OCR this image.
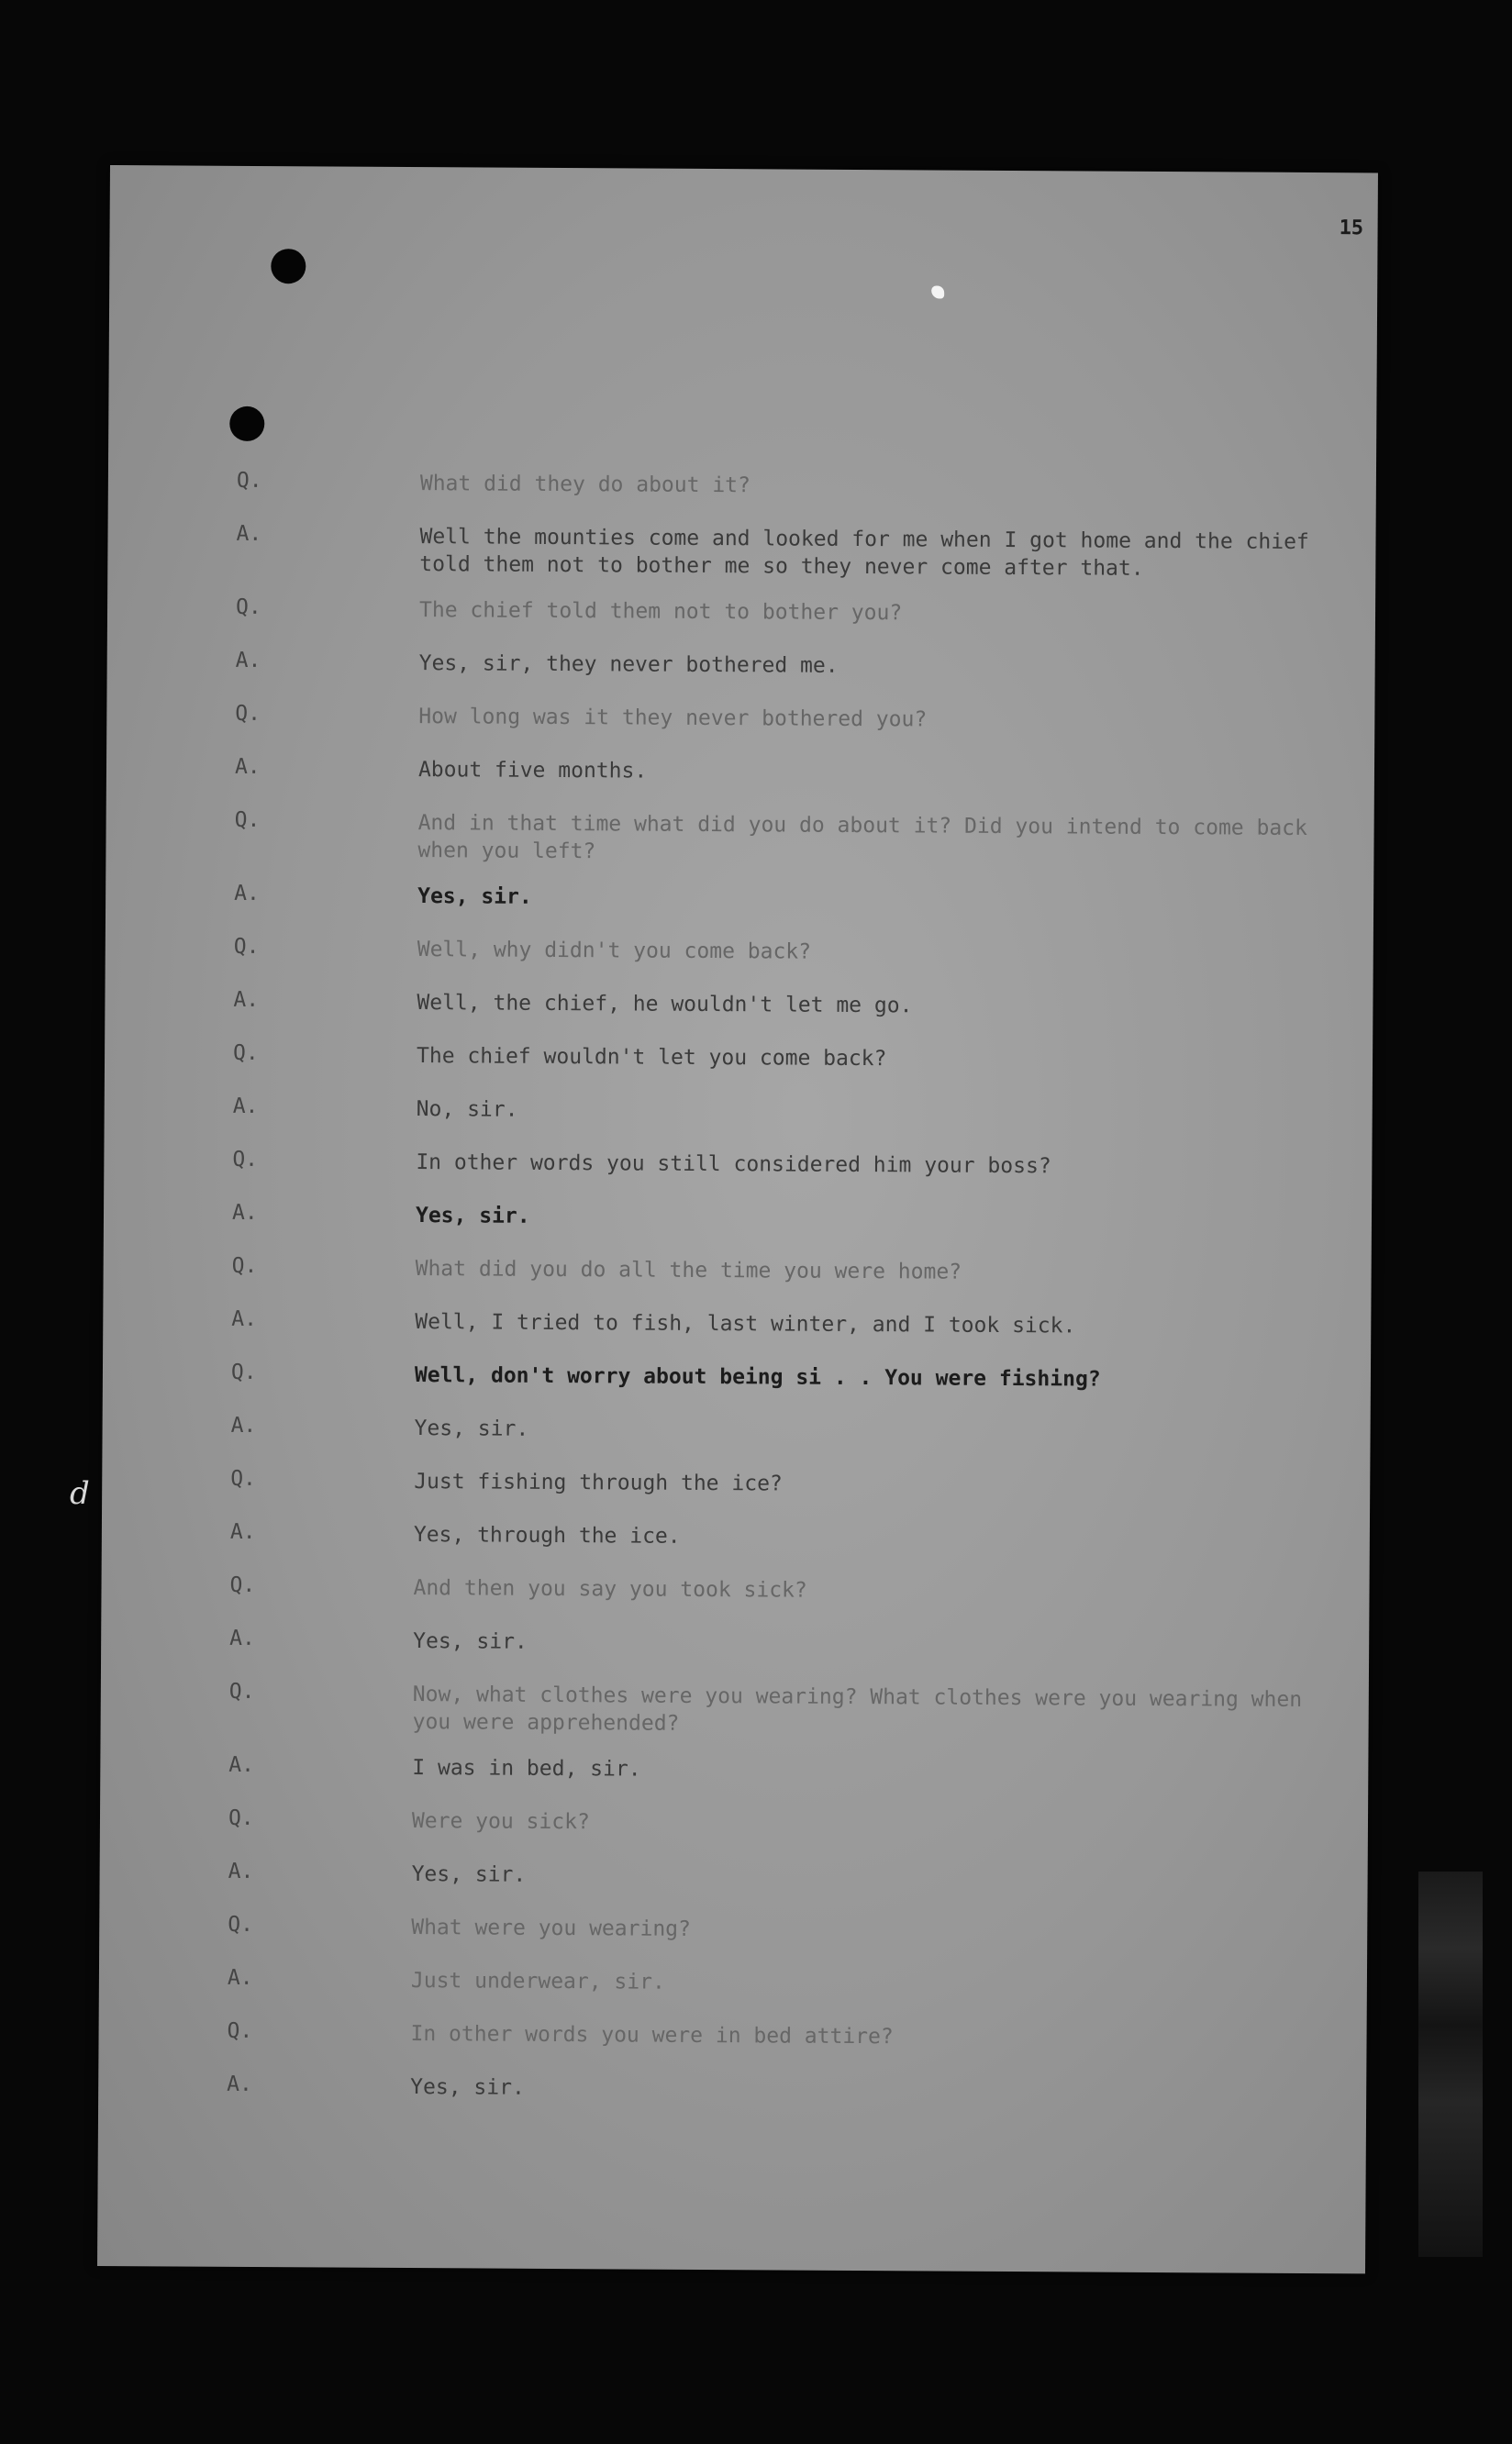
15
Q.	What did they do about it?
A.	Well the mounties come and looked for me when I got home and the chief told them not to bother me so they never come after that.
Q.	The chief told them not to bother you?
A.	Yes, sir, they never bothered me.
Q.	How long was it they never bothered you?
A.	About five months.
Q.	And in that time what did you do about it? Did you intend to come back when you left?
A.	Yes, sir.
Q.	Well, why didn't you come back?
A.	Well, the chief, he wouldn't let me go.
Q.	The chief wouldn't let you come back?
A.	No, sir.
Q.	In other words you still considered him your boss?
A.	Yes, sir.
Q.	What did you do all the time you were home?
A.	Well, I tried to fish, last winter, and I took sick.
Q.	Well, don't worry about being si . . You were fishing?
A.	Yes, sir.
Q.	Just fishing through the ice?
A.	Yes, through the ice.
Q.	And then you say you took sick?
A.	Yes, sir.
Q.	Now, what clothes were you wearing? What clothes were you wearing when you were apprehended?
A.	I was in bed, sir.
Q.	Were you sick?
A.	Yes, sir.
Q.	What were you wearing?
A.	Just underwear, sir.
Q.	In other words you were in bed attire?
A.	Yes, sir.
d
